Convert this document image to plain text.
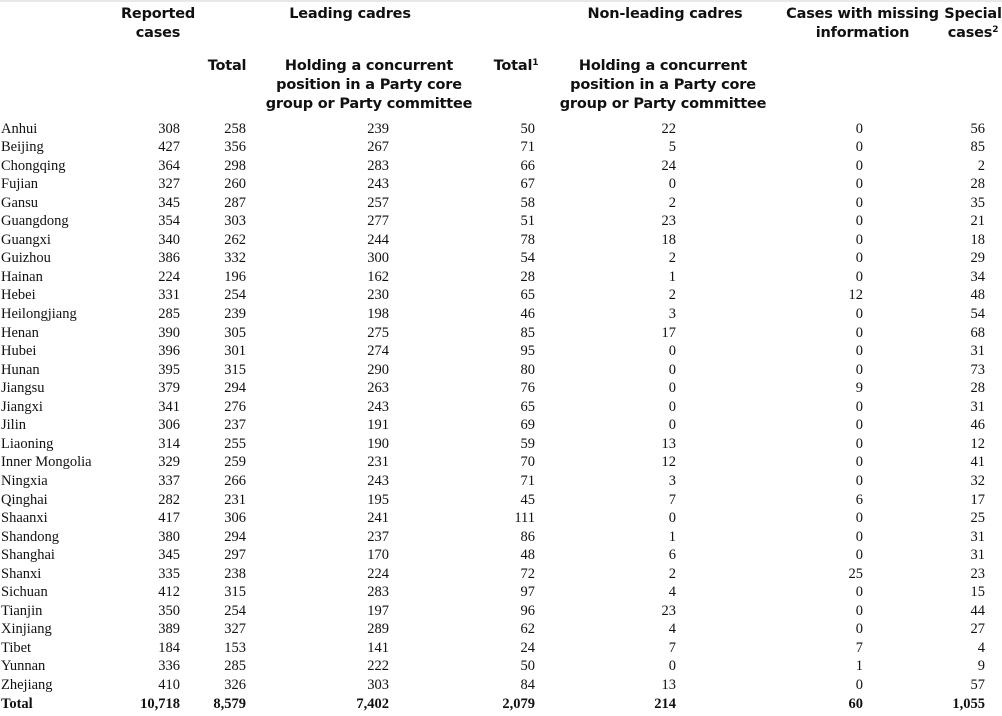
Reported cases
Leading cadres
Total	Holding a concurrent position in a Party core group or Party committee
Non-leading cadres
Total$^1$	Holding a concurrent position in a Party core group or Party committee
Cases with missing information
Special cases$^2$
Anhui	308	258	239	50	22	0	56
Beijing	427	356	267	71	5	0	85
Chongqing	364	298	283	66	24	0	2
Fujian	327	260	243	67	0	0	28
Gansu	345	287	257	58	2	0	35
Guangdong	354	303	277	51	23	0	21
Guangxi	340	262	244	78	18	0	18
Guizhou	386	332	300	54	2	0	29
Hainan	224	196	162	28	1	0	34
Hebei	331	254	230	65	2	12	48
Heilongjiang	285	239	198	46	3	0	54
Henan	390	305	275	85	17	0	68
Hubei	396	301	274	95	0	0	31
Hunan	395	315	290	80	0	0	73
Jiangsu	379	294	263	76	0	9	28
Jiangxi	341	276	243	65	0	0	31
Jilin	306	237	191	69	0	0	46
Liaoning	314	255	190	59	13	0	12
Inner Mongolia	329	259	231	70	12	0	41
Ningxia	337	266	243	71	3	0	32
Qinghai	282	231	195	45	7	6	17
Shaanxi	417	306	241	111	0	0	25
Shandong	380	294	237	86	1	0	31
Shanghai	345	297	170	48	6	0	31
Shanxi	335	238	224	72	2	25	23
Sichuan	412	315	283	97	4	0	15
Tianjin	350	254	197	96	23	0	44
Xinjiang	389	327	289	62	4	0	27
Tibet	184	153	141	24	7	7	4
Yunnan	336	285	222	50	0	1	9
Zhejiang	410	326	303	84	13	0	57
Total	10,718 8,579	7,402	2,079	214	60	1,055
